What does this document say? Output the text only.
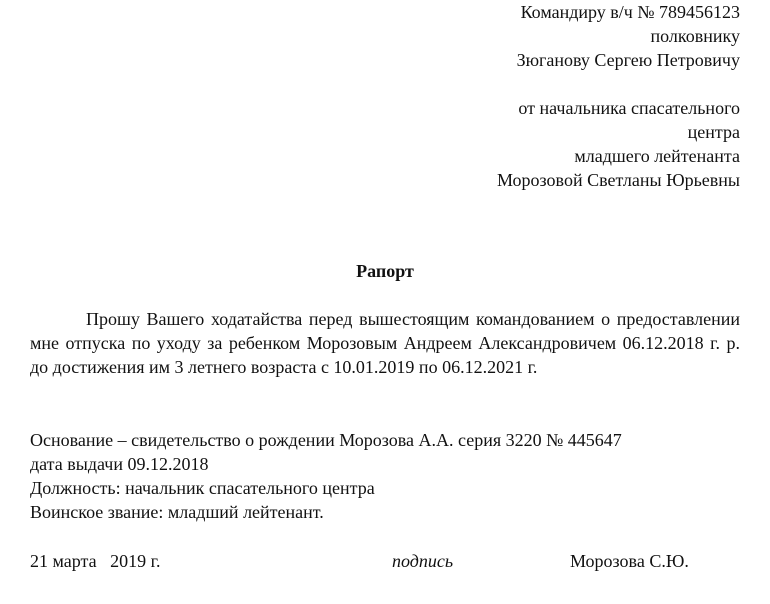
Командиру в/ч № 789456123
полковнику
Зюганову Сергею Петровичу
от начальника спасательного
центра
младшего лейтенанта
Морозовой Светланы Юрьевны
Рапорт

Прошу Вашего ходатайства перед вышестоящим командованием о предоставлении мне отпуска по уходу за ребенком Морозовым Андреем Александровичем 06.12.2018 г. р. до достижения им 3 летнего возраста с 10.01.2019 по 06.12.2021 г.

Основание – свидетельство о рождении Морозова А.А. серия 3220 № 445647
дата выдачи 09.12.2018
Должность: начальник спасательного центра
Воинское звание: младший лейтенант.
21 марта   2019 г.	подпись	Морозова С.Ю.
